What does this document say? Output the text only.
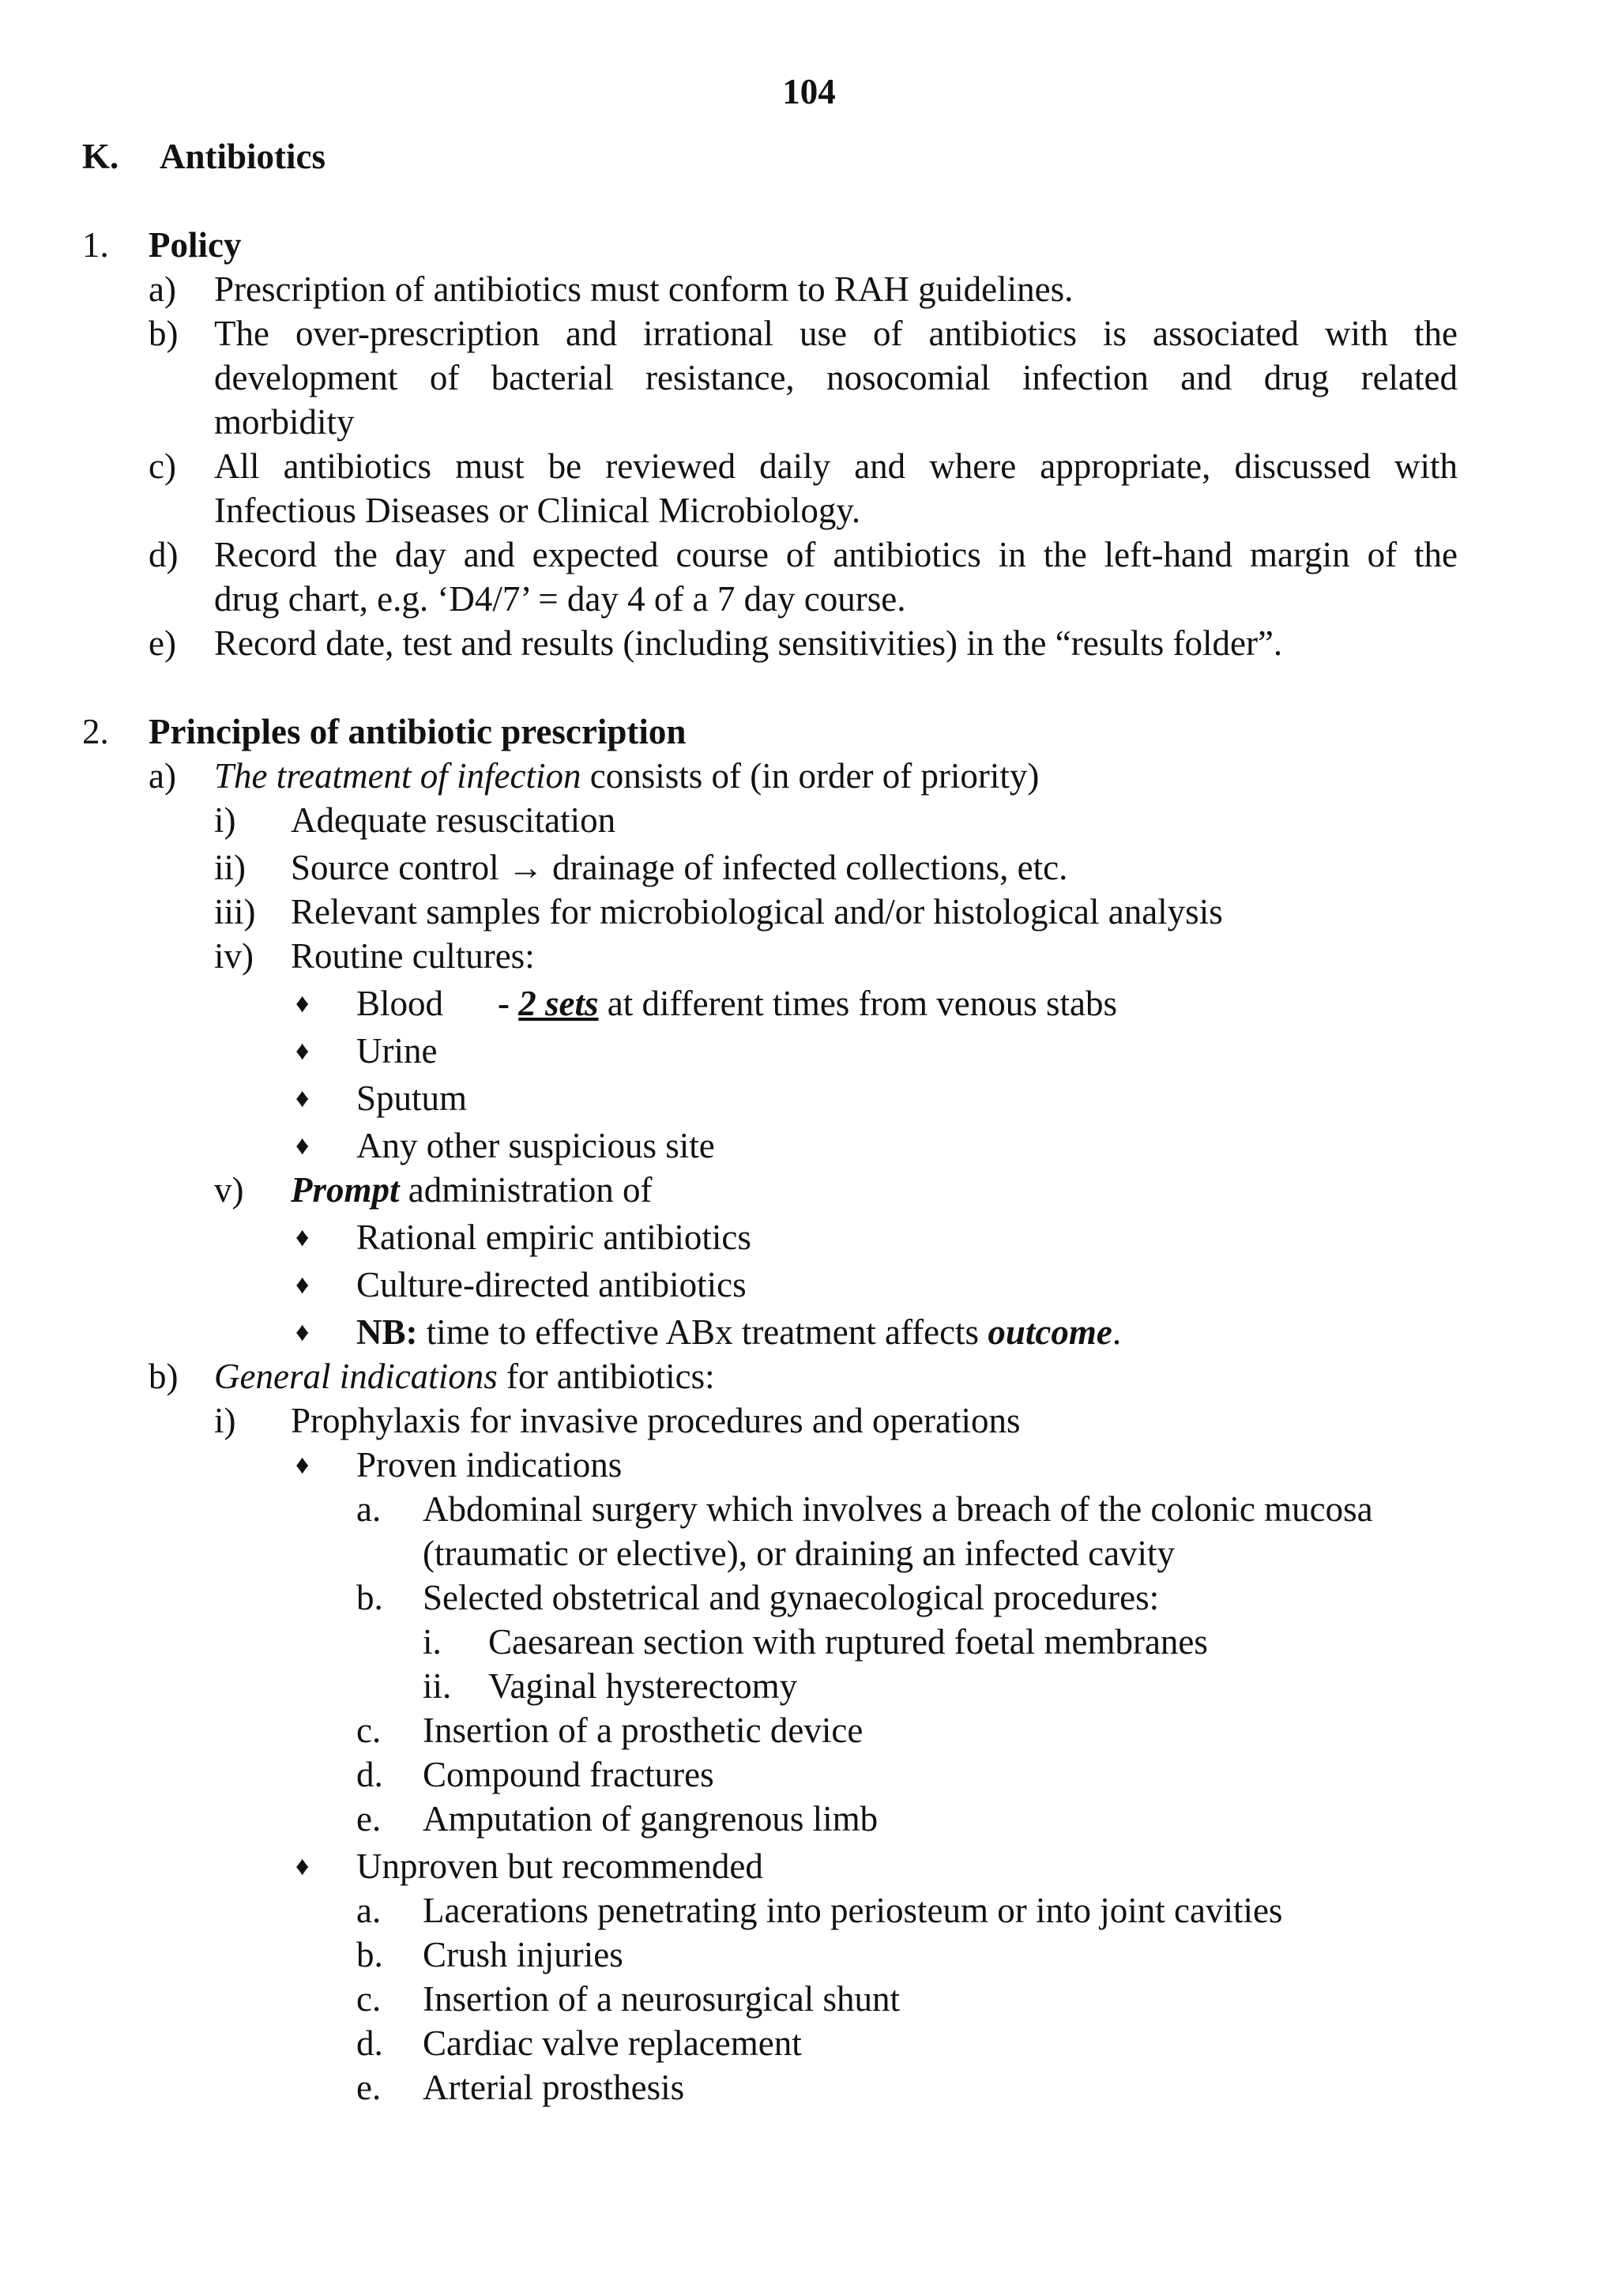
104
K. Antibiotics
1. Policy
a) Prescription of antibiotics must conform to RAH guidelines.
b) The over-prescription and irrational use of antibiotics is associated with the
development of bacterial resistance, nosocomial infection and drug related
morbidity
c) All antibiotics must be reviewed daily and where appropriate, discussed with
Infectious Diseases or Clinical Microbiology.
d) Record the day and expected course of antibiotics in the left-hand margin of the
drug chart, e.g. ‘D4/7’ = day 4 of a 7 day course.
e) Record date, test and results (including sensitivities) in the “results folder”.
2. Principles of antibiotic prescription
a) The treatment of infection consists of (in order of priority)
i) Adequate resuscitation
ii) Source control → drainage of infected collections, etc.
iii) Relevant samples for microbiological and/or histological analysis
iv) Routine cultures:
♦ Blood - 2 sets at different times from venous stabs
♦ Urine
♦ Sputum
♦ Any other suspicious site
v) Prompt administration of
♦ Rational empiric antibiotics
♦ Culture-directed antibiotics
♦ NB: time to effective ABx treatment affects outcome.
b) General indications for antibiotics:
i) Prophylaxis for invasive procedures and operations
♦ Proven indications
a. Abdominal surgery which involves a breach of the colonic mucosa
(traumatic or elective), or draining an infected cavity
b. Selected obstetrical and gynaecological procedures:
i. Caesarean section with ruptured foetal membranes
ii. Vaginal hysterectomy
c. Insertion of a prosthetic device
d. Compound fractures
e. Amputation of gangrenous limb
♦ Unproven but recommended
a. Lacerations penetrating into periosteum or into joint cavities
b. Crush injuries
c. Insertion of a neurosurgical shunt
d. Cardiac valve replacement
e. Arterial prosthesis
